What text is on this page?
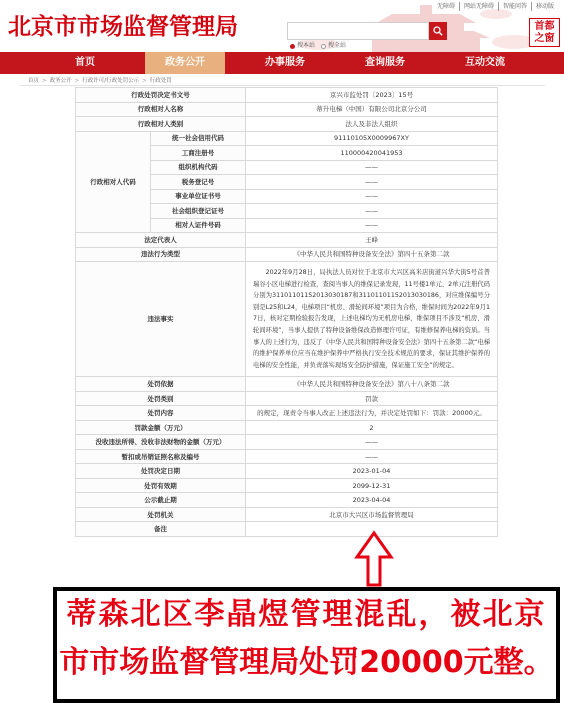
北京市市场监督管理局
无障碍	网站无障碍	智能问答	移动版
搜本站 搜全站
首都之窗
首页	政务公开	办事服务	查询服务	互动交流
首页	> 政务公开	> 行政许可/行政处罚公示	> 行政处罚
行政处罚决定书文号		京兴市监处罚〔2023〕15号
行政相对人名称		蒂升电梯（中国）有限公司北京分公司
行政相对人类别		法人及非法人组织
行政相对人代码	统一社会信用代码	91110105X0009967XY
	工商注册号	110000420041953
	组织机构代码	——
	税务登记号	——
	事业单位证书号	——
	社会组织登记证号	——
	相对人证件号码	——
法定代表人		王峰
违法行为类型		《中华人民共和国特种设备安全法》第四十五条第二款
违法事实		2022年9月28日，局执法人员对位于北京市大兴区高米店街道兴华大街5号首普瑞谷小区电梯进行检查，查阅当事人的维保记录发现，11号楼1单元、2单元注册代码分别为31101101152013030187和31101101152013030186，对应维保编号分别是L25和L24，电梯项目“机房、滑轮间环境”项目为合格，维保时间为2022年9月17日，核对定期检验报告发现，上述电梯均为无机房电梯，维保项目不涉及“机房、滑轮间环境”，当事人提供了特种设备维保改造修理许可证，有维修保养电梯的资质。当事人的上述行为，违反了《中华人民共和国特种设备安全法》第四十五条第二款“电梯的维护保养单位应当在维护保养中严格执行安全技术规范的要求，保证其维护保养的电梯的安全性能，并负责落实现场安全防护措施，保证施工安全”的规定。
处罚依据		《中华人民共和国特种设备安全法》第八十八条第二款
处罚类别		罚款
处罚内容		的规定，现责令当事人改正上述违法行为，并决定处罚如下：罚款：20000元。
罚款金额（万元）		2
没收违法所得、没收非法财物的金额（万元）		——
暂扣或吊销证照名称及编号		——
处罚决定日期		2023-01-04
处罚有效期		2099-12-31
公示截止期		2023-04-04
处罚机关		北京市大兴区市场监督管理局
备注		
蒂森北区李晶煜管理混乱，被北京
市市场监督管理局处罚20000元整。
